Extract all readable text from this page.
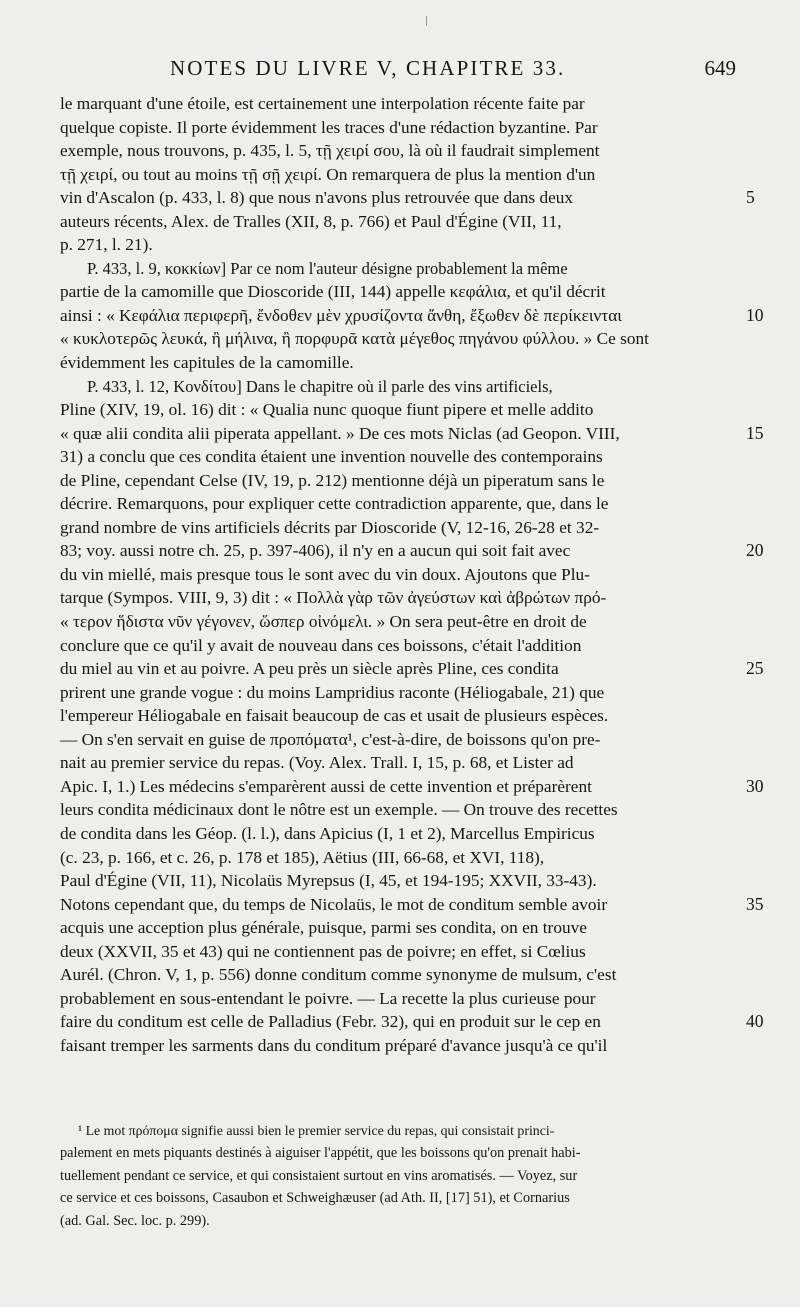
NOTES DU LIVRE V, CHAPITRE 33.	649
le marquant d'une étoile, est certainement une interpolation récente faite par
quelque copiste. Il porte évidemment les traces d'une rédaction byzantine. Par
exemple, nous trouvons, p. 435, l. 5, τῇ χειρί σου, là où il faudrait simplement
τῇ χειρί, ou tout au moins τῇ σῇ χειρί. On remarquera de plus la mention d'un
vin d'Ascalon (p. 433, l. 8) que nous n'avons plus retrouvée que dans deux	5
auteurs récents, Alex. de Tralles (XII, 8, p. 766) et Paul d'Égine (VII, 11,
p. 271, l. 21).
P. 433, l. 9, κοκκίων] Par ce nom l'auteur désigne probablement la même
partie de la camomille que Dioscoride (III, 144) appelle κεφάλια, et qu'il décrit
ainsi : « Κεφάλια περιφερῆ, ἔνδοθεν μὲν χρυσίζοντα ἄνθη, ἔξωθεν δὲ περίκεινται	10
« κυκλοτερῶς λευκά, ἢ μήλινα, ἢ πορφυρᾶ κατὰ μέγεθος πηγάνου φύλλου. » Ce sont
évidemment les capitules de la camomille.
P. 433, l. 12, Κονδίτου] Dans le chapitre où il parle des vins artificiels,
Pline (XIV, 19, ol. 16) dit : « Qualia nunc quoque fiunt pipere et melle addito
« quæ alii condita alii piperata appellant. » De ces mots Niclas (ad Geopon. VIII,	15
31) a conclu que ces condita étaient une invention nouvelle des contemporains
de Pline, cependant Celse (IV, 19, p. 212) mentionne déjà un piperatum sans le
décrire. Remarquons, pour expliquer cette contradiction apparente, que, dans le
grand nombre de vins artificiels décrits par Dioscoride (V, 12-16, 26-28 et 32-
83; voy. aussi notre ch. 25, p. 397-406), il n'y en a aucun qui soit fait avec	20
du vin miellé, mais presque tous le sont avec du vin doux. Ajoutons que Plu-
tarque (Sympos. VIII, 9, 3) dit : « Πολλὰ γὰρ τῶν ἀγεύστων καὶ ἀβρώτων πρό-
« τερον ἥδιστα νῦν γέγονεν, ὥσπερ οἰνόμελι. » On sera peut-être en droit de
conclure que ce qu'il y avait de nouveau dans ces boissons, c'était l'addition
du miel au vin et au poivre. A peu près un siècle après Pline, ces condita	25
prirent une grande vogue : du moins Lampridius raconte (Héliogabale, 21) que
l'empereur Héliogabale en faisait beaucoup de cas et usait de plusieurs espèces.
— On s'en servait en guise de προπόματα¹, c'est-à-dire, de boissons qu'on pre-
nait au premier service du repas. (Voy. Alex. Trall. I, 15, p. 68, et Lister ad
Apic. I, 1.) Les médecins s'emparèrent aussi de cette invention et préparèrent	30
leurs condita médicinaux dont le nôtre est un exemple. — On trouve des recettes
de condita dans les Géop. (l. l.), dans Apicius (I, 1 et 2), Marcellus Empiricus
(c. 23, p. 166, et c. 26, p. 178 et 185), Aëtius (III, 66-68, et XVI, 118),
Paul d'Égine (VII, 11), Nicolaüs Myrepsus (I, 45, et 194-195; XXVII, 33-43).
Notons cependant que, du temps de Nicolaüs, le mot de conditum semble avoir	35
acquis une acception plus générale, puisque, parmi ses condita, on en trouve
deux (XXVII, 35 et 43) qui ne contiennent pas de poivre; en effet, si Cœlius
Aurél. (Chron. V, 1, p. 556) donne conditum comme synonyme de mulsum, c'est
probablement en sous-entendant le poivre. — La recette la plus curieuse pour
faire du conditum est celle de Palladius (Febr. 32), qui en produit sur le cep en	40
faisant tremper les sarments dans du conditum préparé d'avance jusqu'à ce qu'il
¹ Le mot πρόπομα signifie aussi bien le premier service du repas, qui consistait princi-
palement en mets piquants destinés à aiguiser l'appétit, que les boissons qu'on prenait habi-
tuellement pendant ce service, et qui consistaient surtout en vins aromatisés. — Voyez, sur
ce service et ces boissons, Casaubon et Schweighæuser (ad Ath. II, [17] 51), et Cornarius
(ad. Gal. Sec. loc. p. 299).
